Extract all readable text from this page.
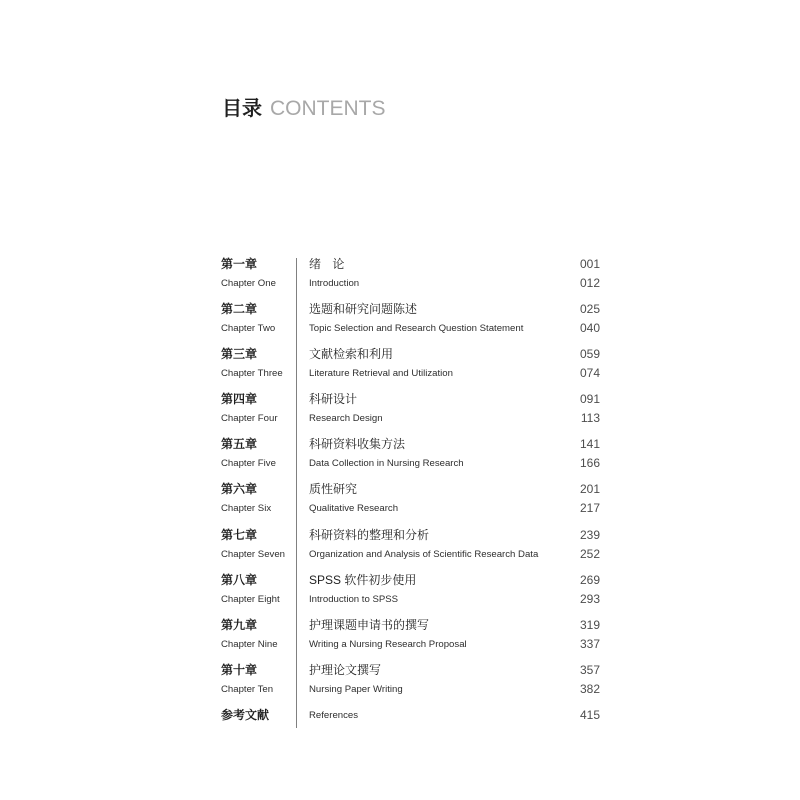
目录 CONTENTS
第一章	绪 论	001
Chapter One	Introduction	012
第二章	选题和研究问题陈述	025
Chapter Two	Topic Selection and Research Question Statement	040
第三章	文献检索和利用	059
Chapter Three	Literature Retrieval and Utilization	074
第四章	科研设计	091
Chapter Four	Research Design	113
第五章	科研资料收集方法	141
Chapter Five	Data Collection in Nursing Research	166
第六章	质性研究	201
Chapter Six	Qualitative Research	217
第七章	科研资料的整理和分析	239
Chapter Seven	Organization and Analysis of Scientific Research Data	252
第八章	SPSS 软件初步使用	269
Chapter Eight	Introduction to SPSS	293
第九章	护理课题申请书的撰写	319
Chapter Nine	Writing a Nursing Research Proposal	337
第十章	护理论文撰写	357
Chapter Ten	Nursing Paper Writing	382
参考文献	References	415
